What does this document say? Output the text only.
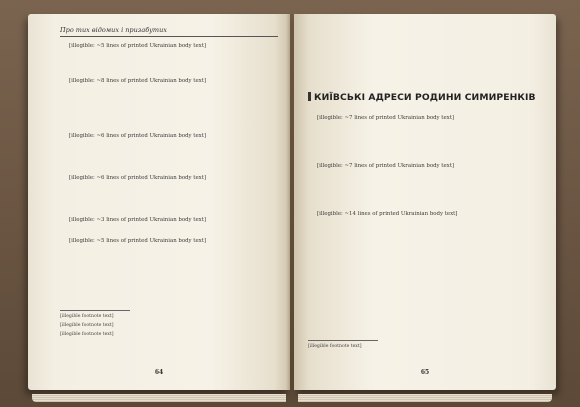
Про тих відомих і призабутих

[illegible: ~5 lines of printed Ukrainian body text]

[illegible: ~8 lines of printed Ukrainian body text]

[illegible: ~6 lines of printed Ukrainian body text]

[illegible: ~6 lines of printed Ukrainian body text]

[illegible: ~3 lines of printed Ukrainian body text]

[illegible: ~5 lines of printed Ukrainian body text]

[illegible footnote text]
[illegible footnote text]
[illegible footnote text]
64
КИЇВСЬКІ АДРЕСИ РОДИНИ СИМИРЕНКІВ

[illegible: ~7 lines of printed Ukrainian body text]

[illegible: ~7 lines of printed Ukrainian body text]

[illegible: ~14 lines of printed Ukrainian body text]

[illegible footnote text]
65
